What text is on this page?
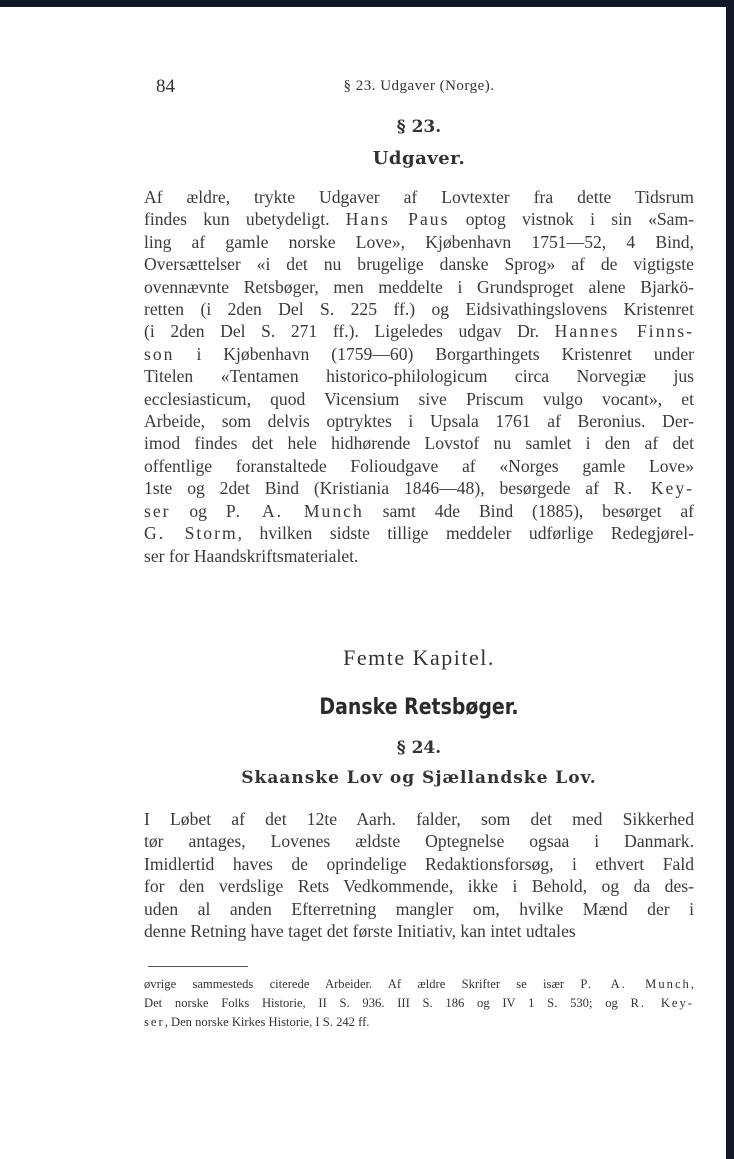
84	§ 23. Udgaver (Norge).
§ 23.
Udgaver.
Af ældre, trykte Udgaver af Lovtexter fra dette Tidsrum
findes kun ubetydeligt. Hans Paus optog vistnok i sin «Sam-
ling af gamle norske Love», Kjøbenhavn 1751—52, 4 Bind,
Oversættelser «i det nu brugelige danske Sprog» af de vigtigste
ovennævnte Retsbøger, men meddelte i Grundsproget alene Bjarkö-
retten (i 2den Del S. 225 ff.) og Eidsivathingslovens Kristenret
(i 2den Del S. 271 ff.). Ligeledes udgav Dr. Hannes Finns-
son i Kjøbenhavn (1759—60) Borgarthingets Kristenret under
Titelen «Tentamen historico-philologicum circa Norvegiæ jus
ecclesiasticum, quod Vicensium sive Priscum vulgo vocant», et
Arbeide, som delvis optryktes i Upsala 1761 af Beronius. Der-
imod findes det hele hidhørende Lovstof nu samlet i den af det
offentlige foranstaltede Folioudgave af «Norges gamle Love»
1ste og 2det Bind (Kristiania 1846—48), besørgede af R. Key-
ser og P. A. Munch samt 4de Bind (1885), besørget af
G. Storm, hvilken sidste tillige meddeler udførlige Redegjørel-
ser for Haandskriftsmaterialet.
Femte Kapitel.
Danske Retsbøger.
§ 24.
Skaanske Lov og Sjællandske Lov.
I Løbet af det 12te Aarh. falder, som det med Sikkerhed
tør antages, Lovenes ældste Optegnelse ogsaa i Danmark.
Imidlertid haves de oprindelige Redaktionsforsøg, i ethvert Fald
for den verdslige Rets Vedkommende, ikke i Behold, og da des-
uden al anden Efterretning mangler om, hvilke Mænd der i
denne Retning have taget det første Initiativ, kan intet udtales
øvrige sammesteds citerede Arbeider. Af ældre Skrifter se især P. A. Munch,
Det norske Folks Historie, II S. 936. III S. 186 og IV 1 S. 530; og R. Key-
ser, Den norske Kirkes Historie, I S. 242 ff.
